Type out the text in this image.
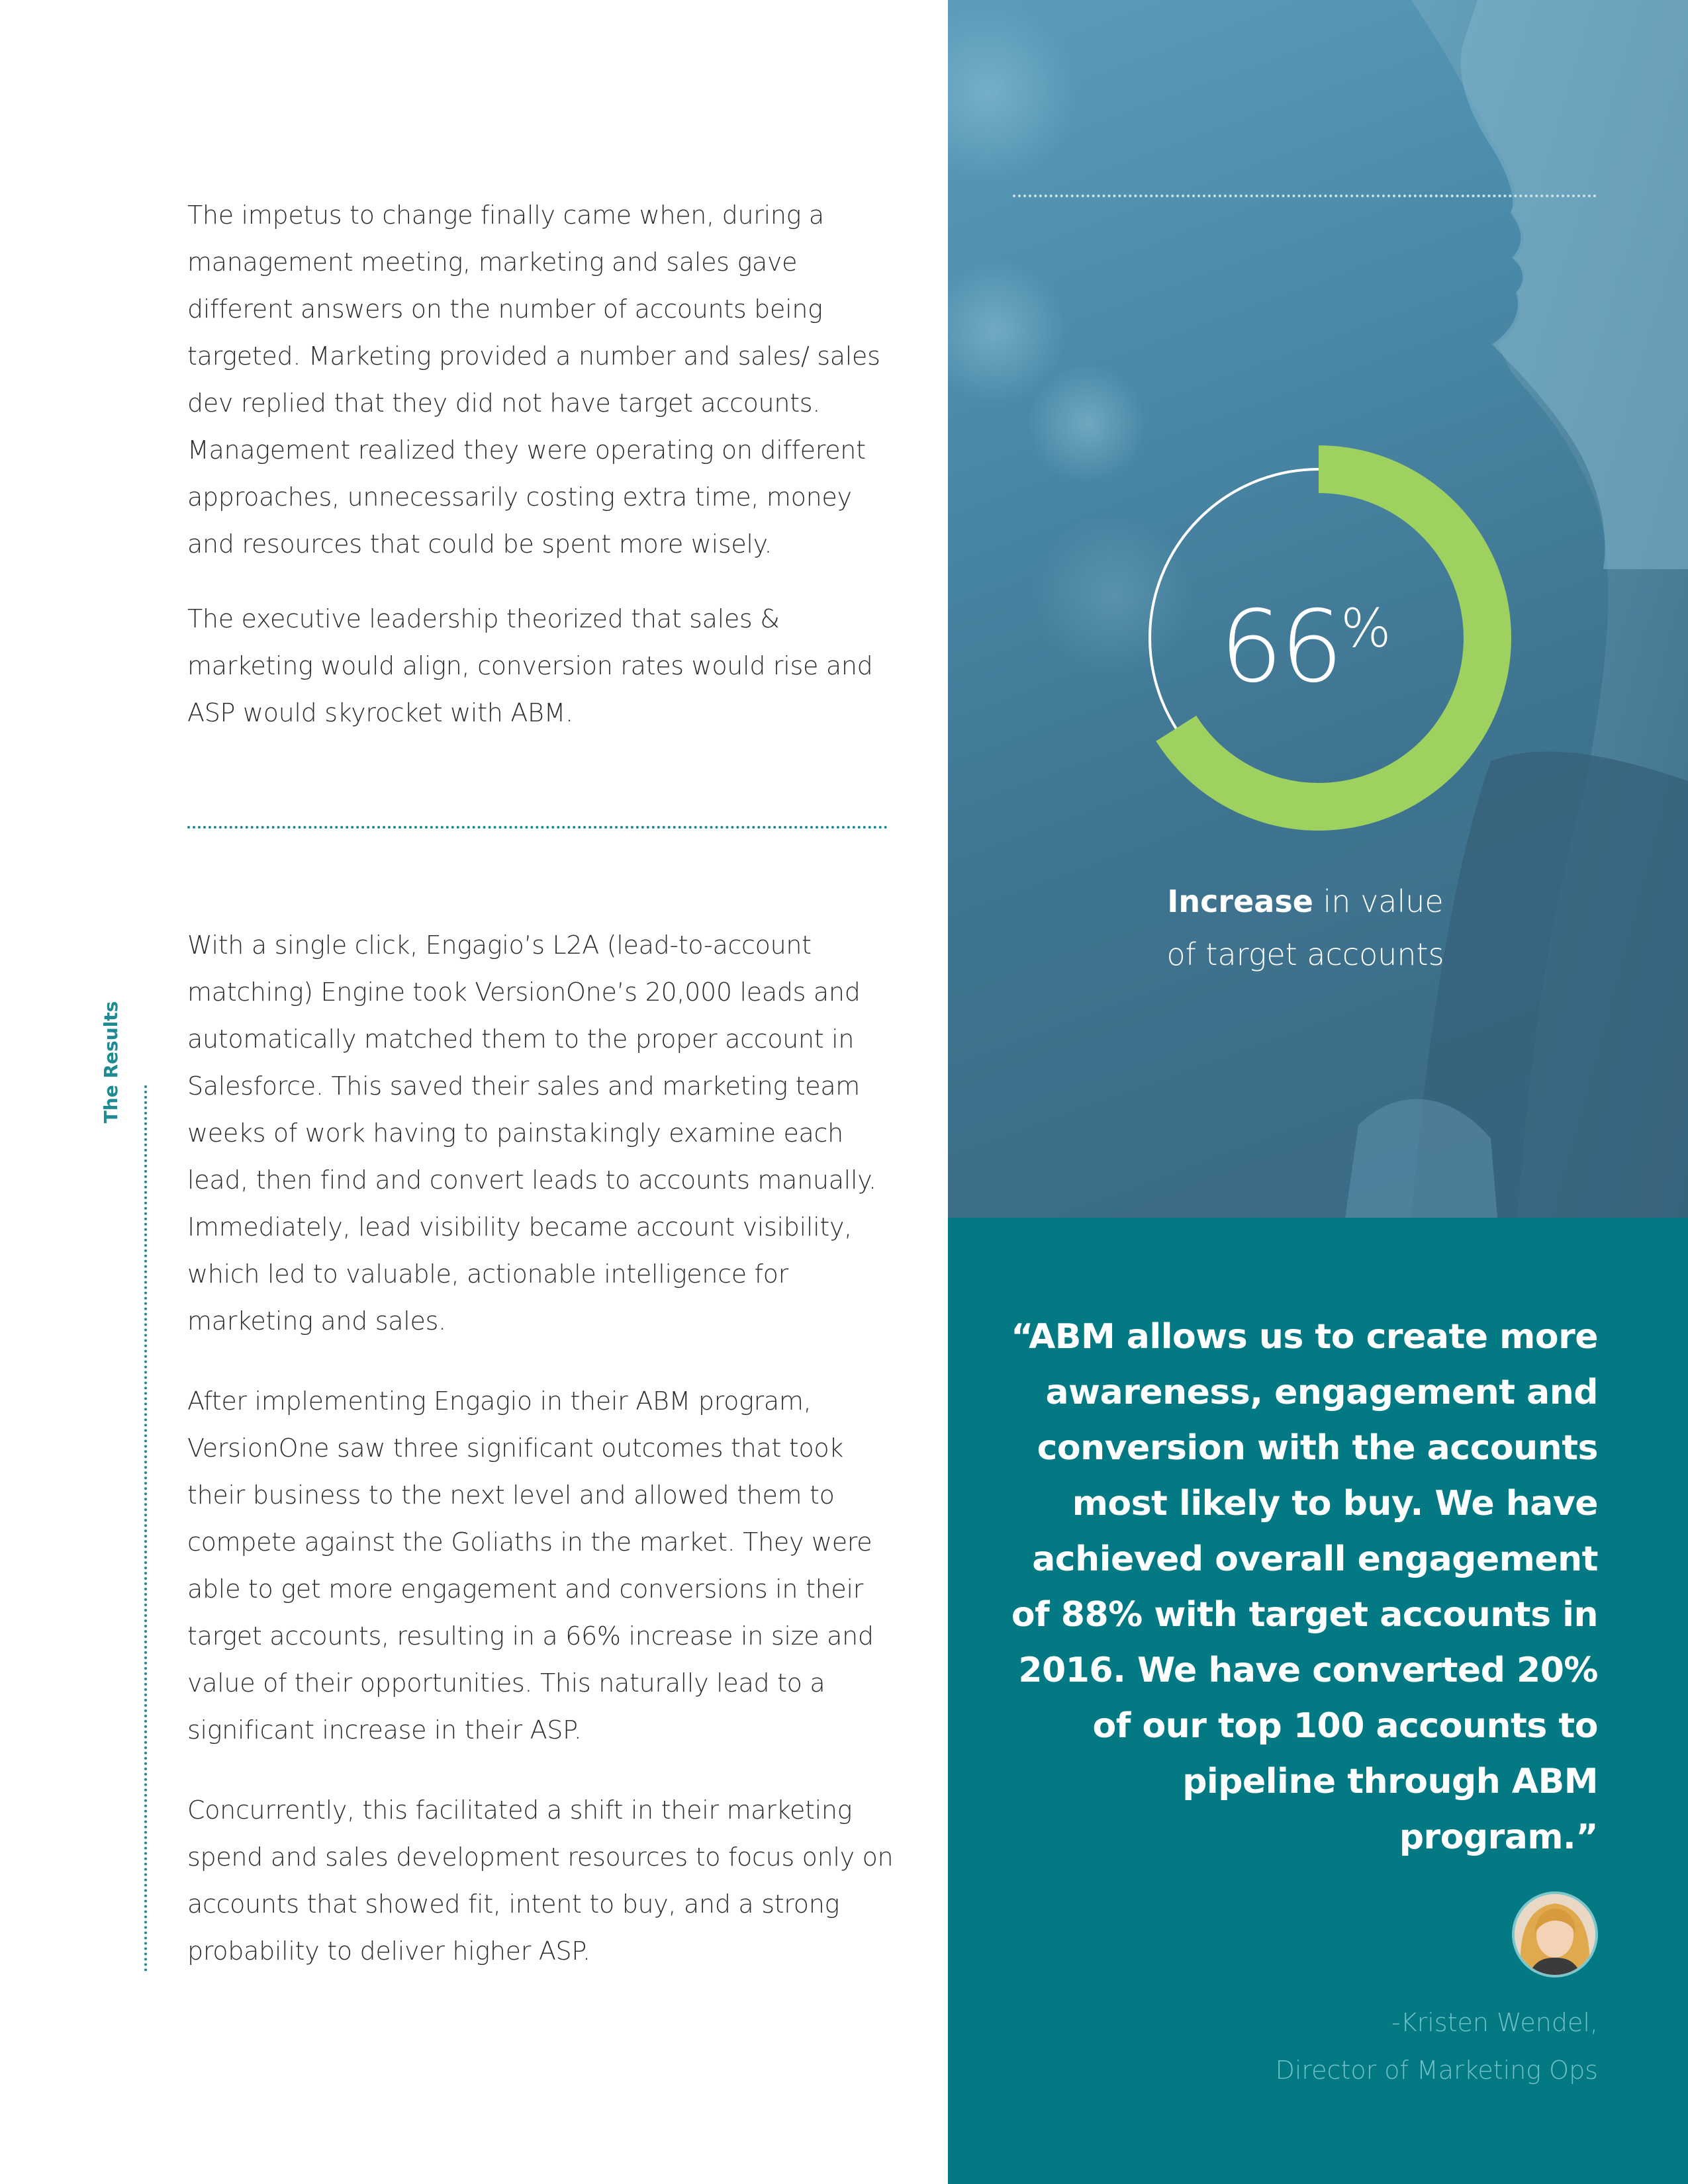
The impetus to change finally came when, during a management meeting, marketing and sales gave different answers on the number of accounts being targeted. Marketing provided a number and sales/ sales dev replied that they did not have target accounts. Management realized they were operating on different approaches, unnecessarily costing extra time, money and resources that could be spent more wisely.

The executive leadership theorized that sales & marketing would align, conversion rates would rise and ASP would skyrocket with ABM.

The Results

With a single click, Engagio’s L2A (lead-to-account matching) Engine took VersionOne’s 20,000 leads and automatically matched them to the proper account in Salesforce. This saved their sales and marketing team weeks of work having to painstakingly examine each lead, then find and convert leads to accounts manually. Immediately, lead visibility became account visibility, which led to valuable, actionable intelligence for marketing and sales.

After implementing Engagio in their ABM program, VersionOne saw three significant outcomes that took their business to the next level and allowed them to compete against the Goliaths in the market. They were able to get more engagement and conversions in their target accounts, resulting in a 66% increase in size and value of their opportunities. This naturally lead to a significant increase in their ASP.

Concurrently, this facilitated a shift in their marketing spend and sales development resources to focus only on accounts that showed fit, intent to buy, and a strong probability to deliver higher ASP.

66%
Increase in value
of target accounts

“ABM allows us to create more awareness, engagement and conversion with the accounts most likely to buy. We have achieved overall engagement of 88% with target accounts in 2016. We have converted 20% of our top 100 accounts to pipeline through ABM program.”

-Kristen Wendel,
Director of Marketing Ops
